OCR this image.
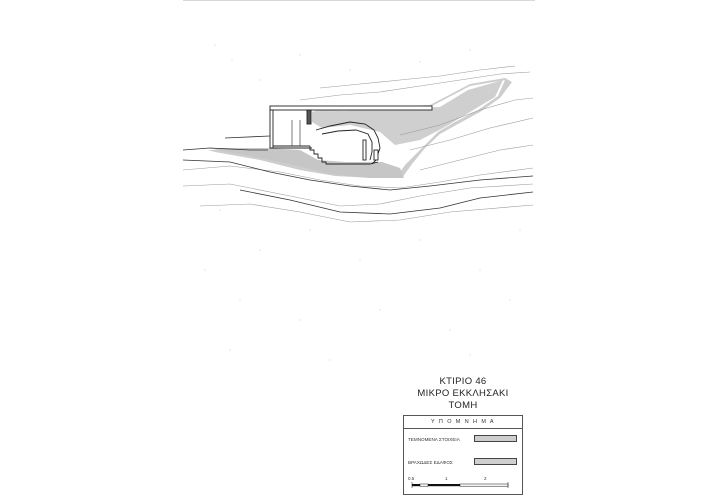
ΚΤΙΡΙΟ 46
ΜΙΚΡΟ ΕΚΚΛΗΣΑΚΙ
ΤΟΜΗ
Υ Π Ο Μ Ν Η Μ Α
ΤΕΜΝΟΜΕΝΑ ΣΤΟΙΧΕΙΑ
ΒΡΑΧΩΔΕΣ ΕΔΑΦΟΣ
0.5	1	2
